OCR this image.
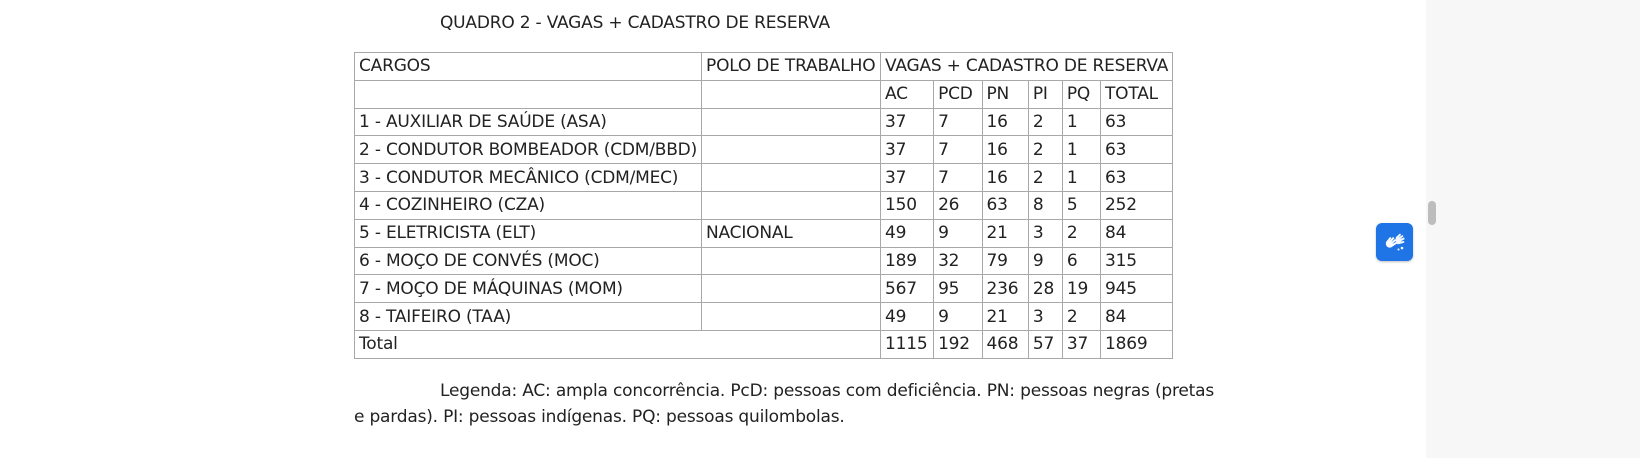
QUADRO 2 - VAGAS + CADASTRO DE RESERVA
CARGOS	POLO DE TRABALHO	VAGAS + CADASTRO DE RESERVA					
		AC	PCD	PN	PI	PQ	TOTAL
1 - AUXILIAR DE SAÚDE (ASA)		37	7	16	2	1	63
2 - CONDUTOR BOMBEADOR (CDM/BBD)		37	7	16	2	1	63
3 - CONDUTOR MECÂNICO (CDM/MEC)		37	7	16	2	1	63
4 - COZINHEIRO (CZA)		150	26	63	8	5	252
5 - ELETRICISTA (ELT)	NACIONAL	49	9	21	3	2	84
6 - MOÇO DE CONVÉS (MOC)		189	32	79	9	6	315
7 - MOÇO DE MÁQUINAS (MOM)		567	95	236	28	19	945
8 - TAIFEIRO (TAA)		49	9	21	3	2	84
Total		1115	192	468	57	37	1869
Legenda: AC: ampla concorrência. PcD: pessoas com deficiência. PN: pessoas negras (pretas e pardas). PI: pessoas indígenas. PQ: pessoas quilombolas.
